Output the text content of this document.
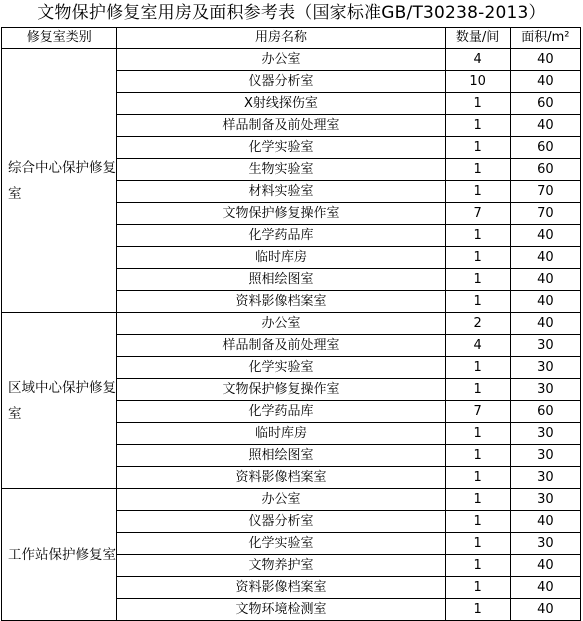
文物保护修复室用房及面积参考表（国家标准GB/T30238-2013）
修复室类别	用房名称	数量/间	面积/m²
综合中心保护修复室	办公室	4	40
	仪器分析室	10	40
	X射线探伤室	1	60
	样品制备及前处理室	1	40
	化学实验室	1	60
	生物实验室	1	60
	材料实验室	1	70
	文物保护修复操作室	7	70
	化学药品库	1	40
	临时库房	1	40
	照相绘图室	1	40
	资料影像档案室	1	40
区域中心保护修复室	办公室	2	40
	样品制备及前处理室	4	30
	化学实验室	1	30
	文物保护修复操作室	1	30
	化学药品库	7	60
	临时库房	1	30
	照相绘图室	1	30
	资料影像档案室	1	30
工作站保护修复室	办公室	1	30
	仪器分析室	1	40
	化学实验室	1	30
	文物养护室	1	40
	资料影像档案室	1	40
	文物环境检测室	1	40
